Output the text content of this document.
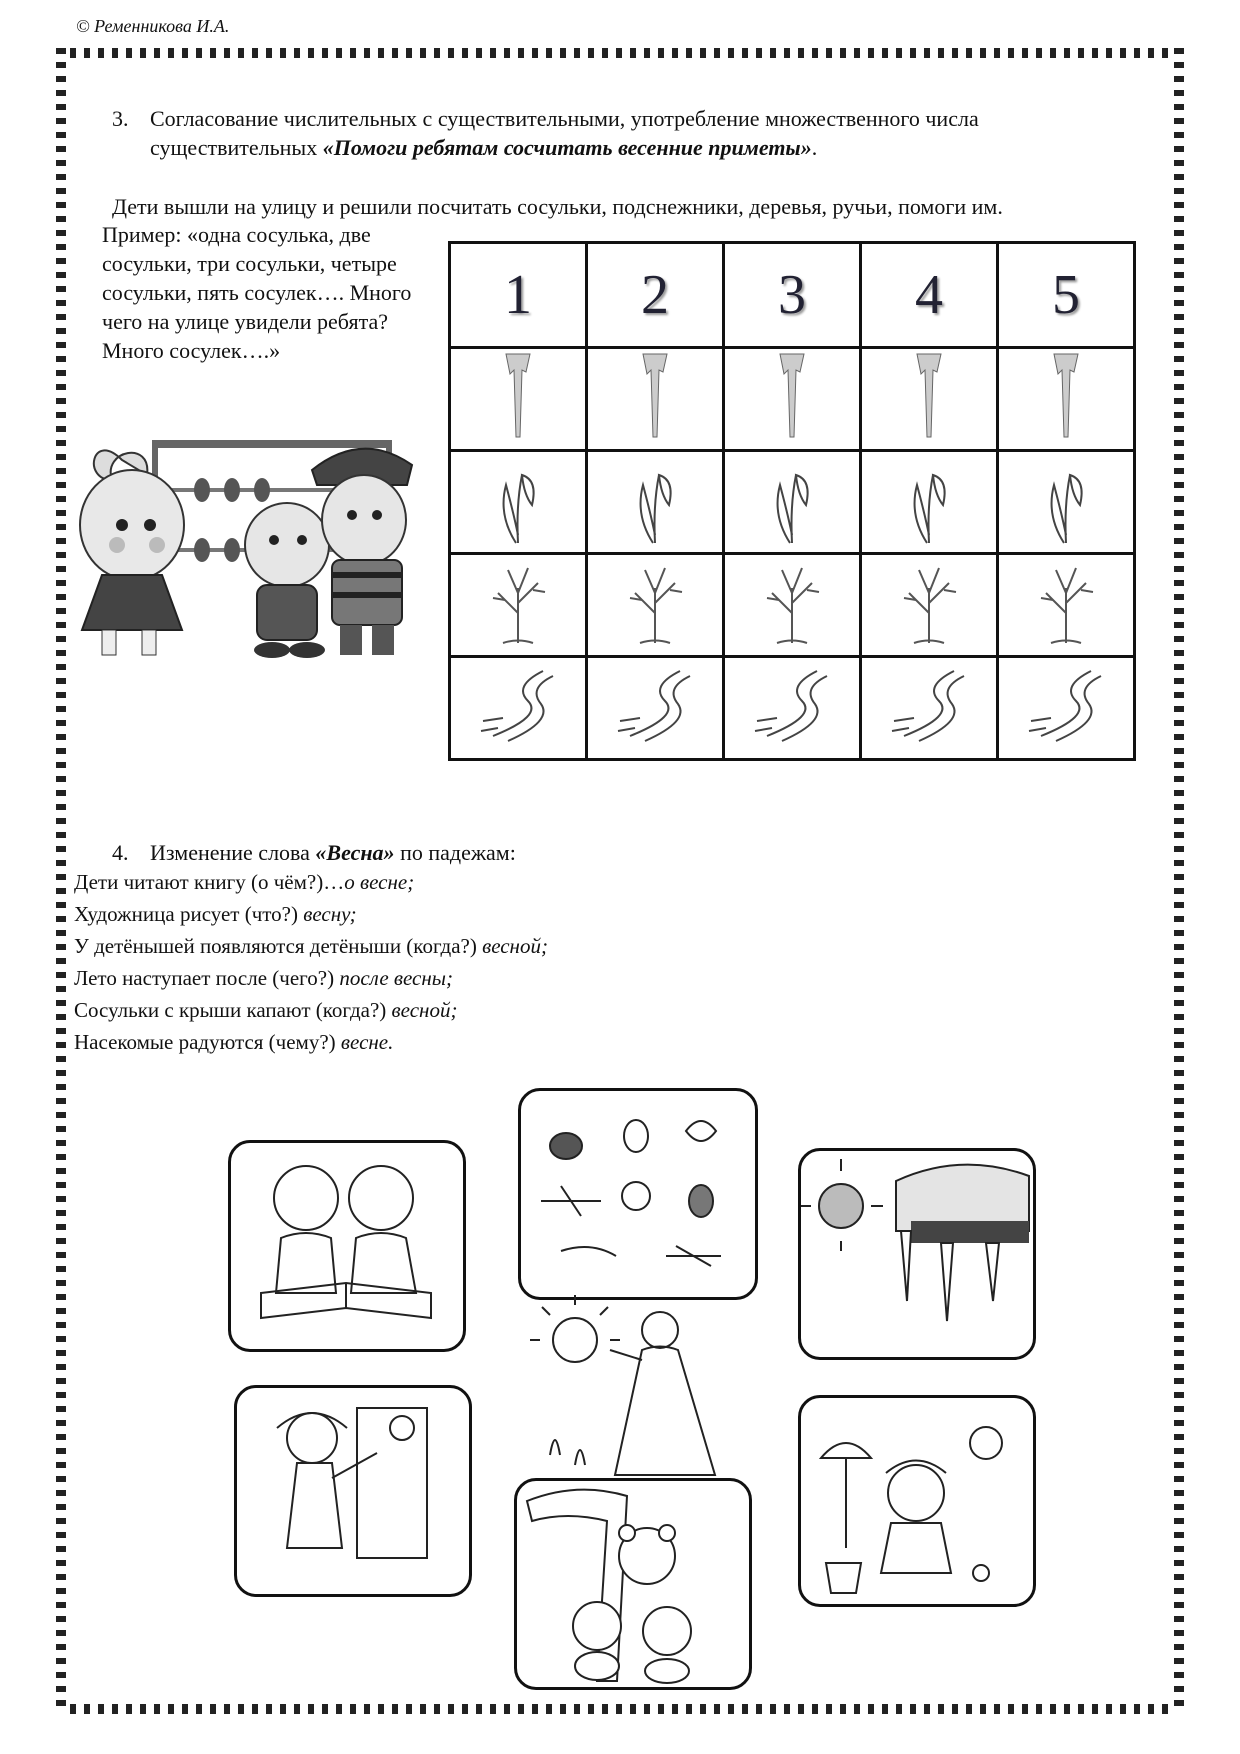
© Ременникова И.А.
3. Согласование числительных с существительными, употребление множественного числа
существительных «Помоги ребятам сосчитать весенние приметы».
Дети вышли на улицу и решили посчитать сосульки, подснежники, деревья, ручьи, помоги им.
Пример: «одна сосулька, две сосульки, три сосульки, четыре сосульки, пять сосулек…. Много чего на улице увидели ребята? Много сосулек….»
1	2	3	4	5

4. Изменение слова «Весна» по падежам:
Дети читают книгу (о чём?)…о весне;
Художница рисует (что?) весну;
У детёнышей появляются детёныши (когда?) весной;
Лето наступает после (чего?) после весны;
Сосульки с крыши капают (когда?) весной;
Насекомые радуются (чему?) весне.
